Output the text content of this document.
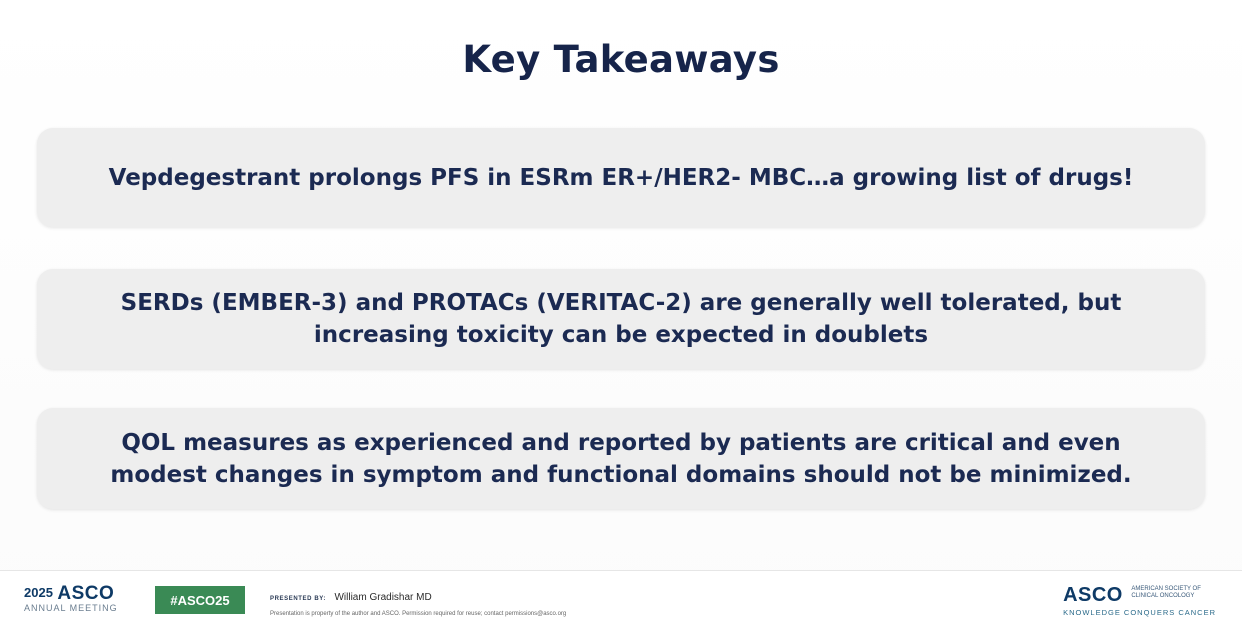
Key Takeaways
Vepdegestrant prolongs PFS in ESRm ER+/HER2- MBC…a growing list of drugs!
SERDs (EMBER-3) and PROTACs (VERITAC-2) are generally well tolerated, but
increasing toxicity can be expected in doublets
QOL measures as experienced and reported by patients are critical and even
modest changes in symptom and functional domains should not be minimized.
2025 ASCO
ANNUAL MEETING
#ASCO25	PRESENTED BY: William Gradishar MD
Presentation is property of the author and ASCO. Permission required for reuse; contact permissions@asco.org
ASCO AMERICAN SOCIETY OF CLINICAL ONCOLOGY
KNOWLEDGE CONQUERS CANCER
